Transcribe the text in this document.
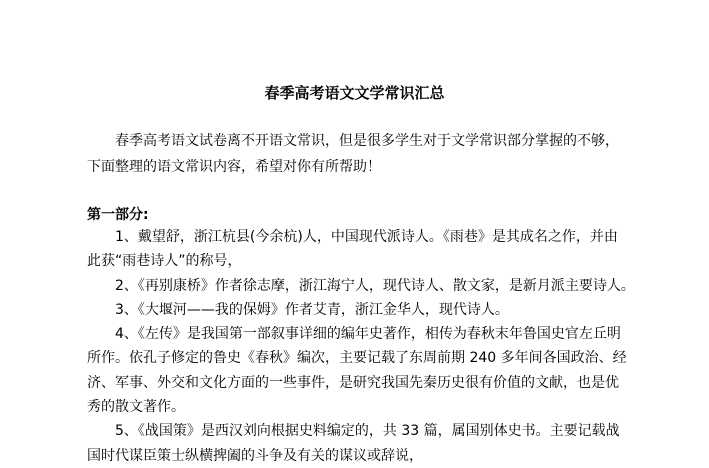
春季高考语文文学常识汇总
春季高考语文试卷离不开语文常识，但是很多学生对于文学常识部分掌握的不够，
下面整理的语文常识内容，希望对你有所帮助！
第一部分:
1、戴望舒，浙江杭县(今余杭)人，中国现代派诗人。《雨巷》是其成名之作，并由
此获“雨巷诗人”的称号，
2、《再别康桥》作者徐志摩，浙江海宁人，现代诗人、散文家，是新月派主要诗人。
3、《大堰河——我的保姆》作者艾青，浙江金华人，现代诗人。
4、《左传》是我国第一部叙事详细的编年史著作，相传为春秋末年鲁国史官左丘明
所作。依孔子修定的鲁史《春秋》编次，主要记载了东周前期 240 多年间各国政治、经
济、军事、外交和文化方面的一些事件，是研究我国先秦历史很有价值的文献，也是优
秀的散文著作。
5、《战国策》是西汉刘向根据史料编定的，共 33 篇，属国别体史书。主要记载战
国时代谋臣策士纵横捭阖的斗争及有关的谋议或辞说，
